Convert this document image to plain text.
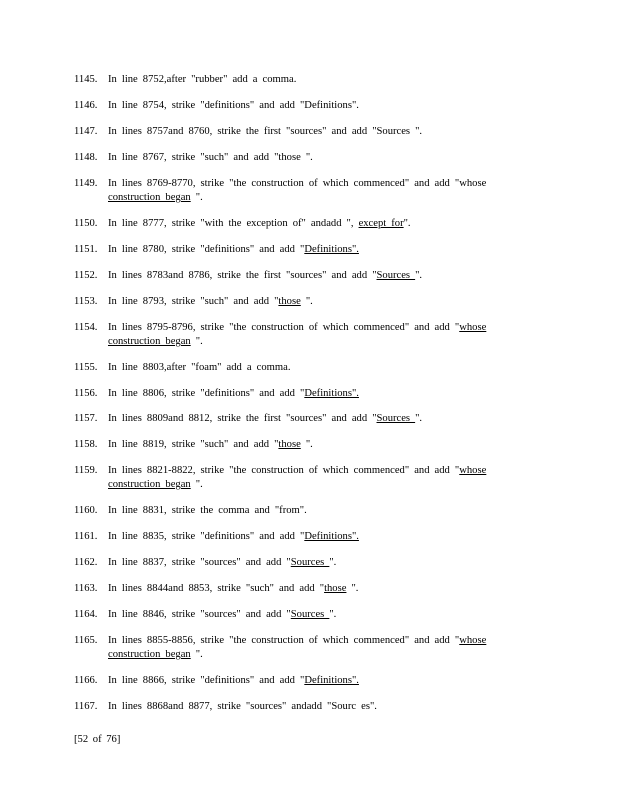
1145. In line 8752,after "rubber" add a comma.
1146. In line 8754, strike "definitions" and add "Definitions".
1147. In lines 8757and 8760, strike the first "sources" and add "Sources ".
1148. In line 8767, strike "such" and add "those ".
1149. In lines 8769-8770, strike "the construction of which commenced" and add "whose construction began ".
1150. In line 8777, strike "with the exception of" andadd ", except for".
1151. In line 8780, strike "definitions" and add "Definitions".
1152. In lines 8783and 8786, strike the first "sources" and add "Sources ".
1153. In line 8793, strike "such" and add "those ".
1154. In lines 8795-8796, strike "the construction of which commenced" and add "whose construction began ".
1155. In line 8803,after "foam" add a comma.
1156. In line 8806, strike "definitions" and add "Definitions".
1157. In lines 8809and 8812, strike the first "sources" and add "Sources ".
1158. In line 8819, strike "such" and add "those ".
1159. In lines 8821-8822, strike "the construction of which commenced" and add "whose construction began ".
1160. In line 8831, strike the comma and "from".
1161. In line 8835, strike "definitions" and add "Definitions".
1162. In line 8837, strike "sources" and add "Sources ".
1163. In lines 8844and 8853, strike "such" and add "those ".
1164. In line 8846, strike "sources" and add "Sources ".
1165. In lines 8855-8856, strike "the construction of which commenced" and add "whose construction began ".
1166. In line 8866, strike "definitions" and add "Definitions".
1167. In lines 8868and 8877, strike "sources" andadd "Sourc es".
[52 of 76]
